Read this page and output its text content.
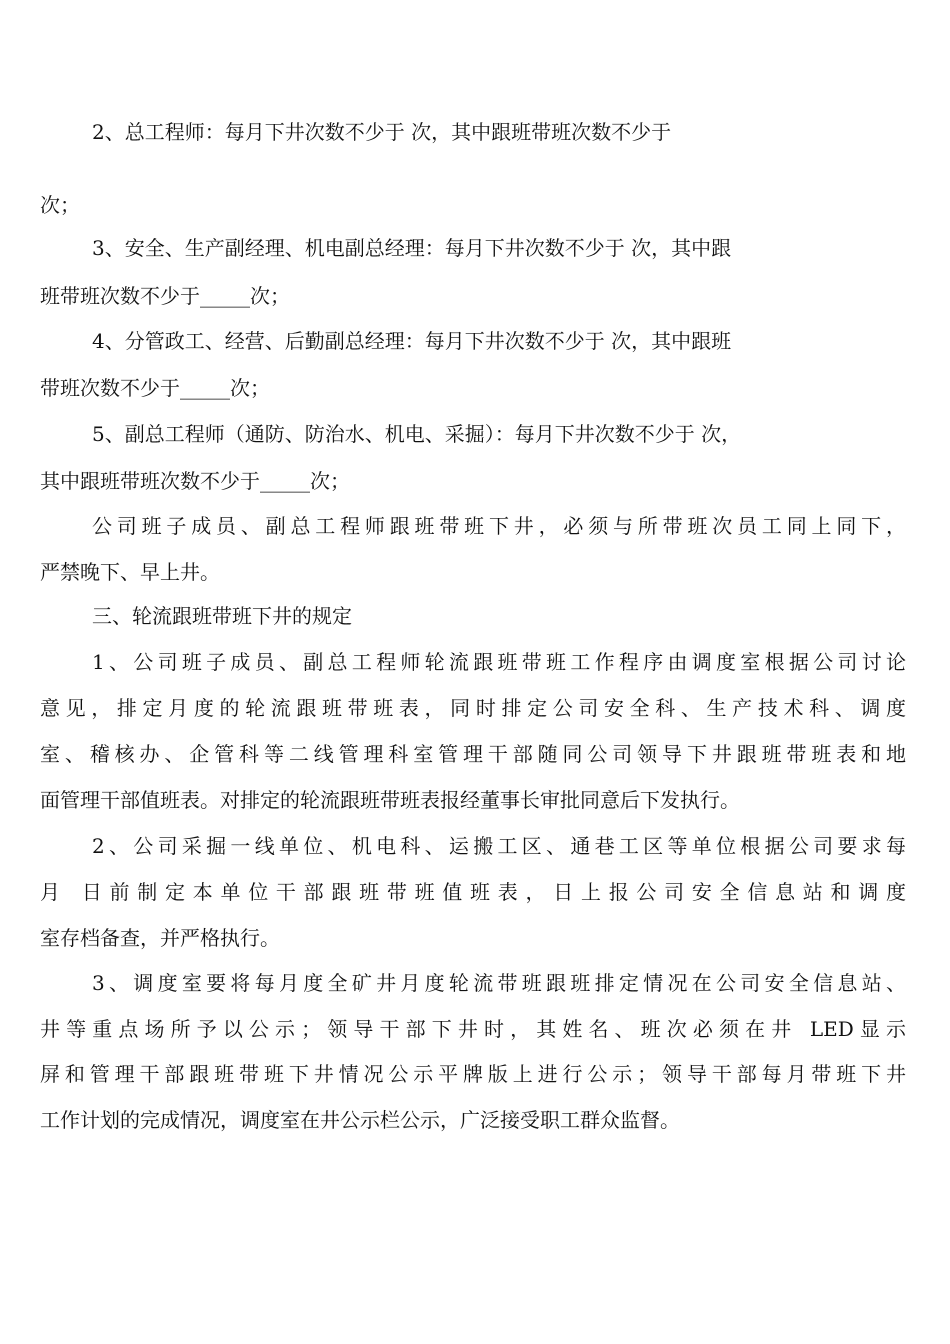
2、总工程师：每月下井次数不少于 次，其中跟班带班次数不少于
次；
3、安全、生产副经理、机电副总经理：每月下井次数不少于 次，其中跟
班带班次数不少于_____次；
4、分管政工、经营、后勤副总经理：每月下井次数不少于 次，其中跟班
带班次数不少于_____次；
5、副总工程师（通防、防治水、机电、采掘）：每月下井次数不少于 次，
其中跟班带班次数不少于_____次；
公司班子成员、副总工程师跟班带班下井，必须与所带班次员工同上同下，
严禁晚下、早上井。
三、轮流跟班带班下井的规定
1、公司班子成员、副总工程师轮流跟班带班工作程序由调度室根据公司讨论
意见，排定月度的轮流跟班带班表，同时排定公司安全科、生产技术科、调度
室、稽核办、企管科等二线管理科室管理干部随同公司领导下井跟班带班表和地
面管理干部值班表。对排定的轮流跟班带班表报经董事长审批同意后下发执行。
2、公司采掘一线单位、机电科、运搬工区、通巷工区等单位根据公司要求每
月 日前制定本单位干部跟班带班值班表，日上报公司安全信息站和调度
室存档备查，并严格执行。
3、调度室要将每月度全矿井月度轮流带班跟班排定情况在公司安全信息站、
井等重点场所予以公示；领导干部下井时，其姓名、班次必须在井 LED显示
屏和管理干部跟班带班下井情况公示平牌版上进行公示；领导干部每月带班下井
工作计划的完成情况，调度室在井公示栏公示，广泛接受职工群众监督。
